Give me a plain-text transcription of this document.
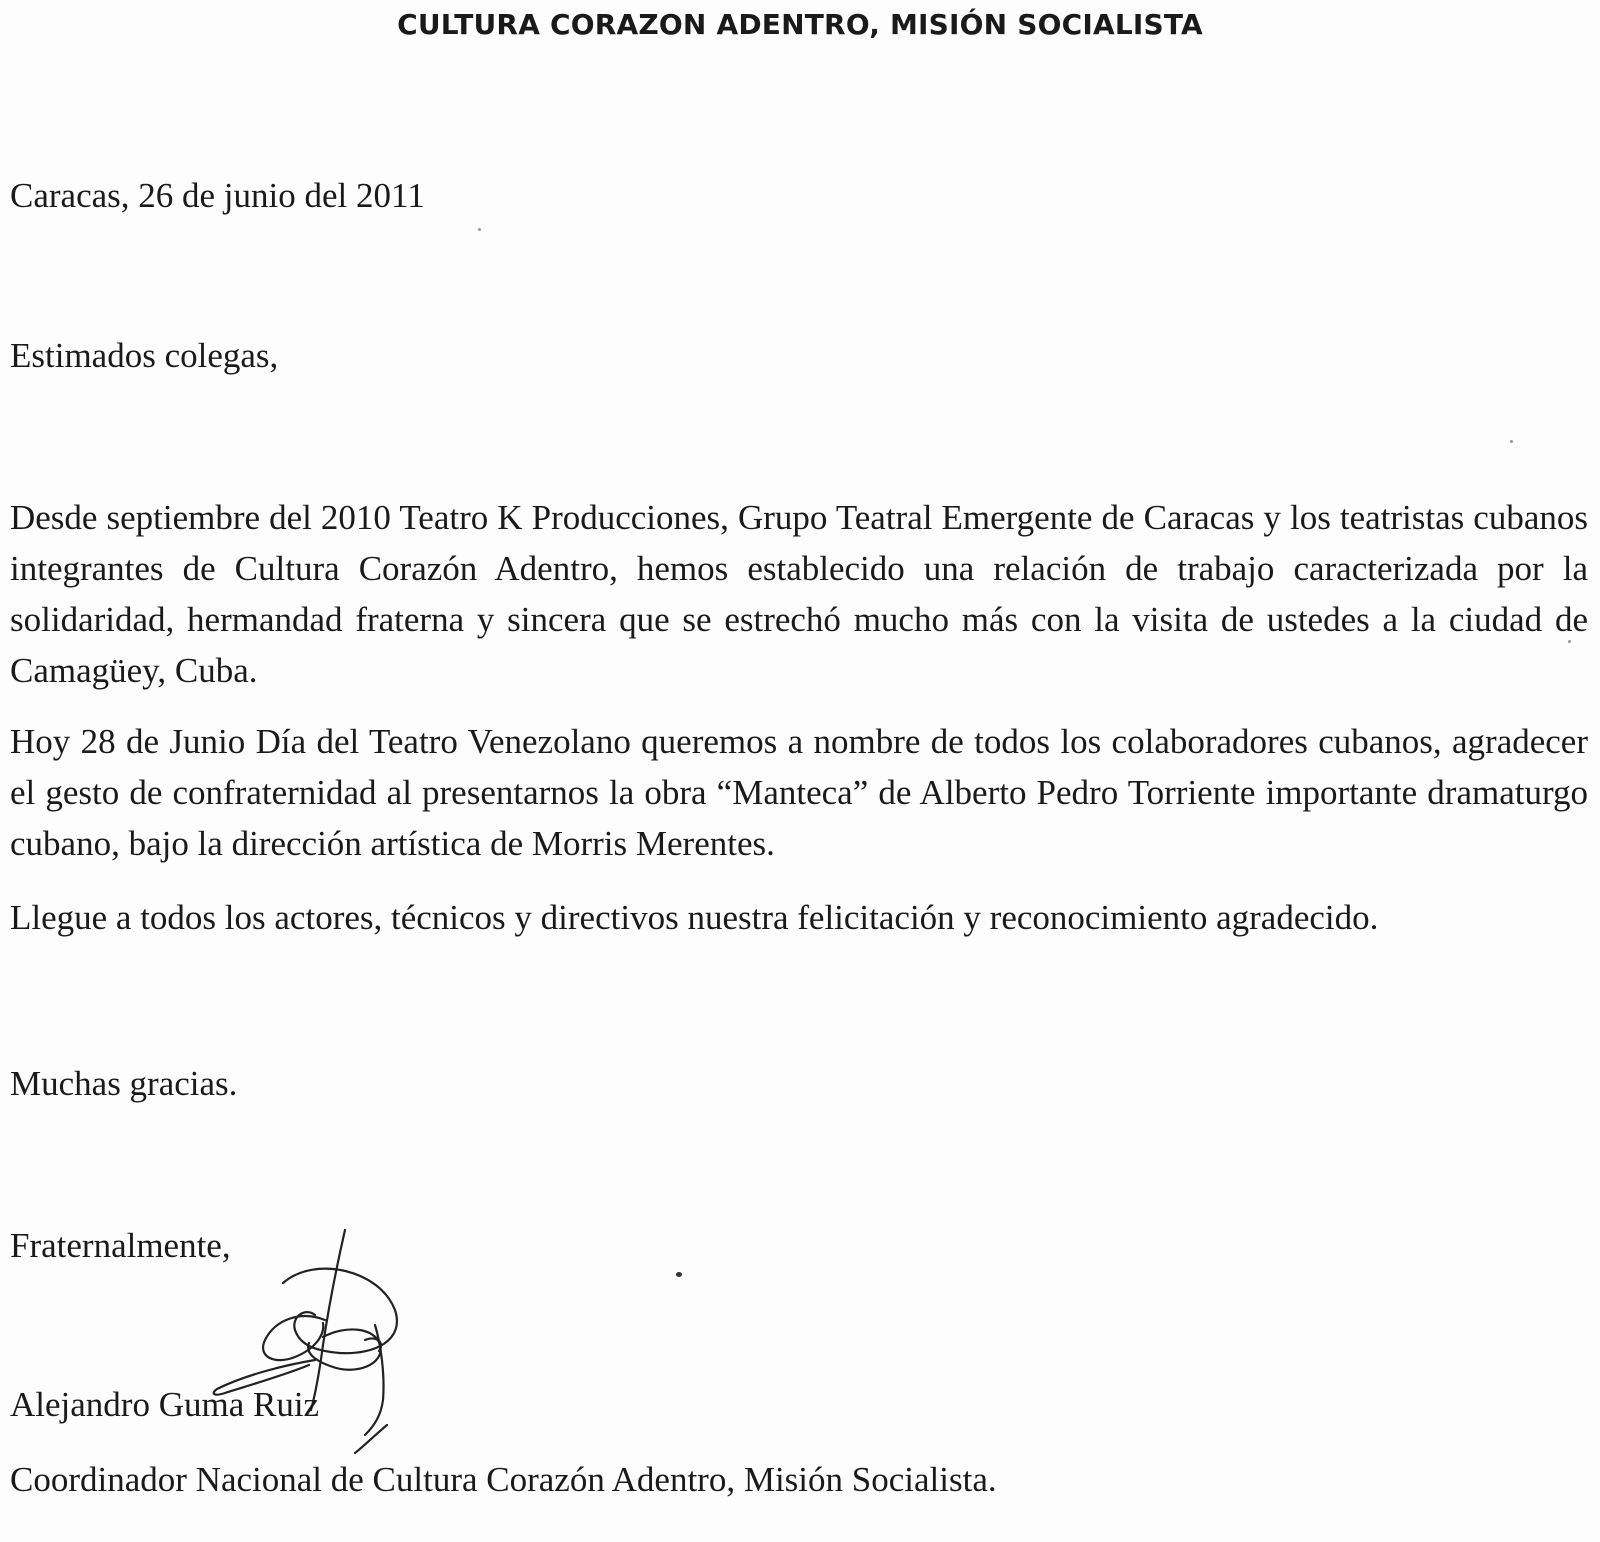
CULTURA CORAZON ADENTRO, MISIÓN SOCIALISTA

Caracas, 26 de junio del 2011

Estimados colegas,

Desde septiembre del 2010 Teatro K Producciones, Grupo Teatral Emergente de Caracas y los teatristas cubanos integrantes de Cultura Corazón Adentro, hemos establecido una relación de trabajo caracterizada por la solidaridad, hermandad fraterna y sincera que se estrechó mucho más con la visita de ustedes a la ciudad de Camagüey, Cuba.

Hoy 28 de Junio Día del Teatro Venezolano queremos a nombre de todos los colaboradores cubanos, agradecer el gesto de confraternidad al presentarnos la obra “Manteca” de Alberto Pedro Torriente importante dramaturgo cubano, bajo la dirección artística de Morris Merentes.

Llegue a todos los actores, técnicos y directivos nuestra felicitación y reconocimiento agradecido.

Muchas gracias.

Fraternalmente,

Alejandro Guma Ruiz

Coordinador Nacional de Cultura Corazón Adentro, Misión Socialista.
